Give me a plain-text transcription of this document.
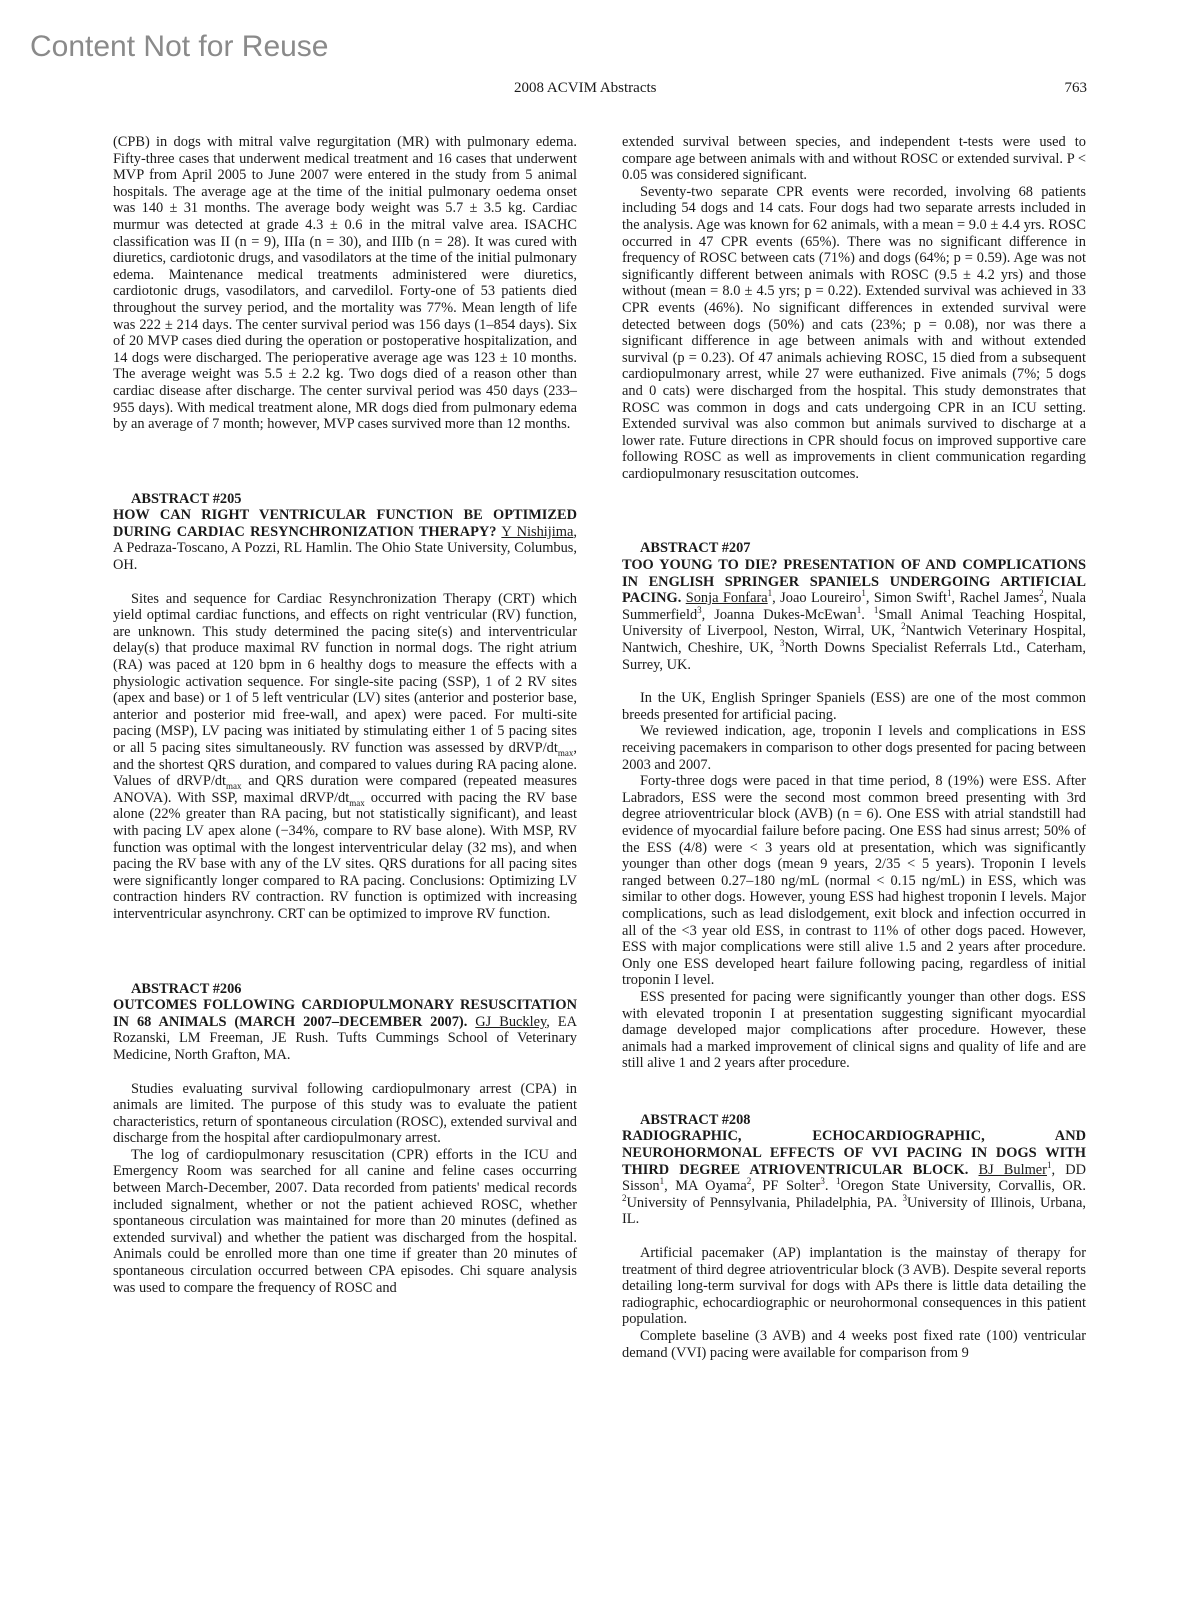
Content Not for Reuse
2008 ACVIM Abstracts	763

(CPB) in dogs with mitral valve regurgitation (MR) with pulmonary edema. Fifty-three cases that underwent medical treatment and 16 cases that underwent MVP from April 2005 to June 2007 were entered in the study from 5 animal hospitals. The average age at the time of the initial pulmonary oedema onset was 140 ± 31 months. The average body weight was 5.7 ± 3.5 kg. Cardiac murmur was detected at grade 4.3 ± 0.6 in the mitral valve area. ISACHC classification was II (n = 9), IIIa (n = 30), and IIIb (n = 28). It was cured with diuretics, cardiotonic drugs, and vasodilators at the time of the initial pulmonary edema. Maintenance medical treatments administered were diuretics, cardiotonic drugs, vasodilators, and carvedilol. Forty-one of 53 patients died throughout the survey period, and the mortality was 77%. Mean length of life was 222 ± 214 days. The center survival period was 156 days (1–854 days). Six of 20 MVP cases died during the operation or postoperative hospitalization, and 14 dogs were discharged. The perioperative average age was 123 ± 10 months. The average weight was 5.5 ± 2.2 kg. Two dogs died of a reason other than cardiac disease after discharge. The center survival period was 450 days (233–955 days). With medical treatment alone, MR dogs died from pulmonary edema by an average of 7 month; however, MVP cases survived more than 12 months.

ABSTRACT #205

HOW CAN RIGHT VENTRICULAR FUNCTION BE OPTIMIZED DURING CARDIAC RESYNCHRONIZATION THERAPY? Y Nishijima, A Pedraza-Toscano, A Pozzi, RL Hamlin. The Ohio State University, Columbus, OH.

Sites and sequence for Cardiac Resynchronization Therapy (CRT) which yield optimal cardiac functions, and effects on right ventricular (RV) function, are unknown. This study determined the pacing site(s) and interventricular delay(s) that produce maximal RV function in normal dogs. The right atrium (RA) was paced at 120 bpm in 6 healthy dogs to measure the effects with a physiologic activation sequence. For single-site pacing (SSP), 1 of 2 RV sites (apex and base) or 1 of 5 left ventricular (LV) sites (anterior and posterior base, anterior and posterior mid free-wall, and apex) were paced. For multi-site pacing (MSP), LV pacing was initiated by stimulating either 1 of 5 pacing sites or all 5 pacing sites simultaneously. RV function was assessed by dRVP/$dt_{max}$, and the shortest QRS duration, and compared to values during RA pacing alone. Values of dRVP/$dt_{max}$ and QRS duration were compared (repeated measures ANOVA). With SSP, maximal dRVP/$dt_{max}$ occurred with pacing the RV base alone (22% greater than RA pacing, but not statistically significant), and least with pacing LV apex alone (−34%, compare to RV base alone). With MSP, RV function was optimal with the longest interventricular delay (32 ms), and when pacing the RV base with any of the LV sites. QRS durations for all pacing sites were significantly longer compared to RA pacing. Conclusions: Optimizing LV contraction hinders RV contraction. RV function is optimized with increasing interventricular asynchrony. CRT can be optimized to improve RV function.

ABSTRACT #206

OUTCOMES FOLLOWING CARDIOPULMONARY RESUSCITATION IN 68 ANIMALS (MARCH 2007–DECEMBER 2007). GJ Buckley, EA Rozanski, LM Freeman, JE Rush. Tufts Cummings School of Veterinary Medicine, North Grafton, MA.

Studies evaluating survival following cardiopulmonary arrest (CPA) in animals are limited. The purpose of this study was to evaluate the patient characteristics, return of spontaneous circulation (ROSC), extended survival and discharge from the hospital after cardiopulmonary arrest.

The log of cardiopulmonary resuscitation (CPR) efforts in the ICU and Emergency Room was searched for all canine and feline cases occurring between March-December, 2007. Data recorded from patients' medical records included signalment, whether or not the patient achieved ROSC, whether spontaneous circulation was maintained for more than 20 minutes (defined as extended survival) and whether the patient was discharged from the hospital. Animals could be enrolled more than one time if greater than 20 minutes of spontaneous circulation occurred between CPA episodes. Chi square analysis was used to compare the frequency of ROSC and

extended survival between species, and independent t-tests were used to compare age between animals with and without ROSC or extended survival. P < 0.05 was considered significant.

Seventy-two separate CPR events were recorded, involving 68 patients including 54 dogs and 14 cats. Four dogs had two separate arrests included in the analysis. Age was known for 62 animals, with a mean = 9.0 ± 4.4 yrs. ROSC occurred in 47 CPR events (65%). There was no significant difference in frequency of ROSC between cats (71%) and dogs (64%; p = 0.59). Age was not significantly different between animals with ROSC (9.5 ± 4.2 yrs) and those without (mean = 8.0 ± 4.5 yrs; p = 0.22). Extended survival was achieved in 33 CPR events (46%). No significant differences in extended survival were detected between dogs (50%) and cats (23%; p = 0.08), nor was there a significant difference in age between animals with and without extended survival (p = 0.23). Of 47 animals achieving ROSC, 15 died from a subsequent cardiopulmonary arrest, while 27 were euthanized. Five animals (7%; 5 dogs and 0 cats) were discharged from the hospital. This study demonstrates that ROSC was common in dogs and cats undergoing CPR in an ICU setting. Extended survival was also common but animals survived to discharge at a lower rate. Future directions in CPR should focus on improved supportive care following ROSC as well as improvements in client communication regarding cardiopulmonary resuscitation outcomes.

ABSTRACT #207

TOO YOUNG TO DIE? PRESENTATION OF AND COMPLICATIONS IN ENGLISH SPRINGER SPANIELS UNDERGOING ARTIFICIAL PACING. Sonja Fonfara$^1$, Joao Loureiro$^1$, Simon Swift$^1$, Rachel James$^2$, Nuala Summerfield$^3$, Joanna Dukes-McEwan$^1$. $^1$Small Animal Teaching Hospital, University of Liverpool, Neston, Wirral, UK, $^2$Nantwich Veterinary Hospital, Nantwich, Cheshire, UK, $^3$North Downs Specialist Referrals Ltd., Caterham, Surrey, UK.

In the UK, English Springer Spaniels (ESS) are one of the most common breeds presented for artificial pacing.

We reviewed indication, age, troponin I levels and complications in ESS receiving pacemakers in comparison to other dogs presented for pacing between 2003 and 2007.

Forty-three dogs were paced in that time period, 8 (19%) were ESS. After Labradors, ESS were the second most common breed presenting with 3rd degree atrioventricular block (AVB) (n = 6). One ESS with atrial standstill had evidence of myocardial failure before pacing. One ESS had sinus arrest; 50% of the ESS (4/8) were < 3 years old at presentation, which was significantly younger than other dogs (mean 9 years, 2/35 < 5 years). Troponin I levels ranged between 0.27–180 ng/mL (normal < 0.15 ng/mL) in ESS, which was similar to other dogs. However, young ESS had highest troponin I levels. Major complications, such as lead dislodgement, exit block and infection occurred in all of the <3 year old ESS, in contrast to 11% of other dogs paced. However, ESS with major complications were still alive 1.5 and 2 years after procedure. Only one ESS developed heart failure following pacing, regardless of initial troponin I level.

ESS presented for pacing were significantly younger than other dogs. ESS with elevated troponin I at presentation suggesting significant myocardial damage developed major complications after procedure. However, these animals had a marked improvement of clinical signs and quality of life and are still alive 1 and 2 years after procedure.

ABSTRACT #208

RADIOGRAPHIC, ECHOCARDIOGRAPHIC, AND NEUROHORMONAL EFFECTS OF VVI PACING IN DOGS WITH THIRD DEGREE ATRIOVENTRICULAR BLOCK. BJ Bulmer$^1$, DD Sisson$^1$, MA Oyama$^2$, PF Solter$^3$. $^1$Oregon State University, Corvallis, OR. $^2$University of Pennsylvania, Philadelphia, PA. $^3$University of Illinois, Urbana, IL.

Artificial pacemaker (AP) implantation is the mainstay of therapy for treatment of third degree atrioventricular block (3 AVB). Despite several reports detailing long-term survival for dogs with APs there is little data detailing the radiographic, echocardiographic or neurohormonal consequences in this patient population.

Complete baseline (3 AVB) and 4 weeks post fixed rate (100) ventricular demand (VVI) pacing were available for comparison from 9
